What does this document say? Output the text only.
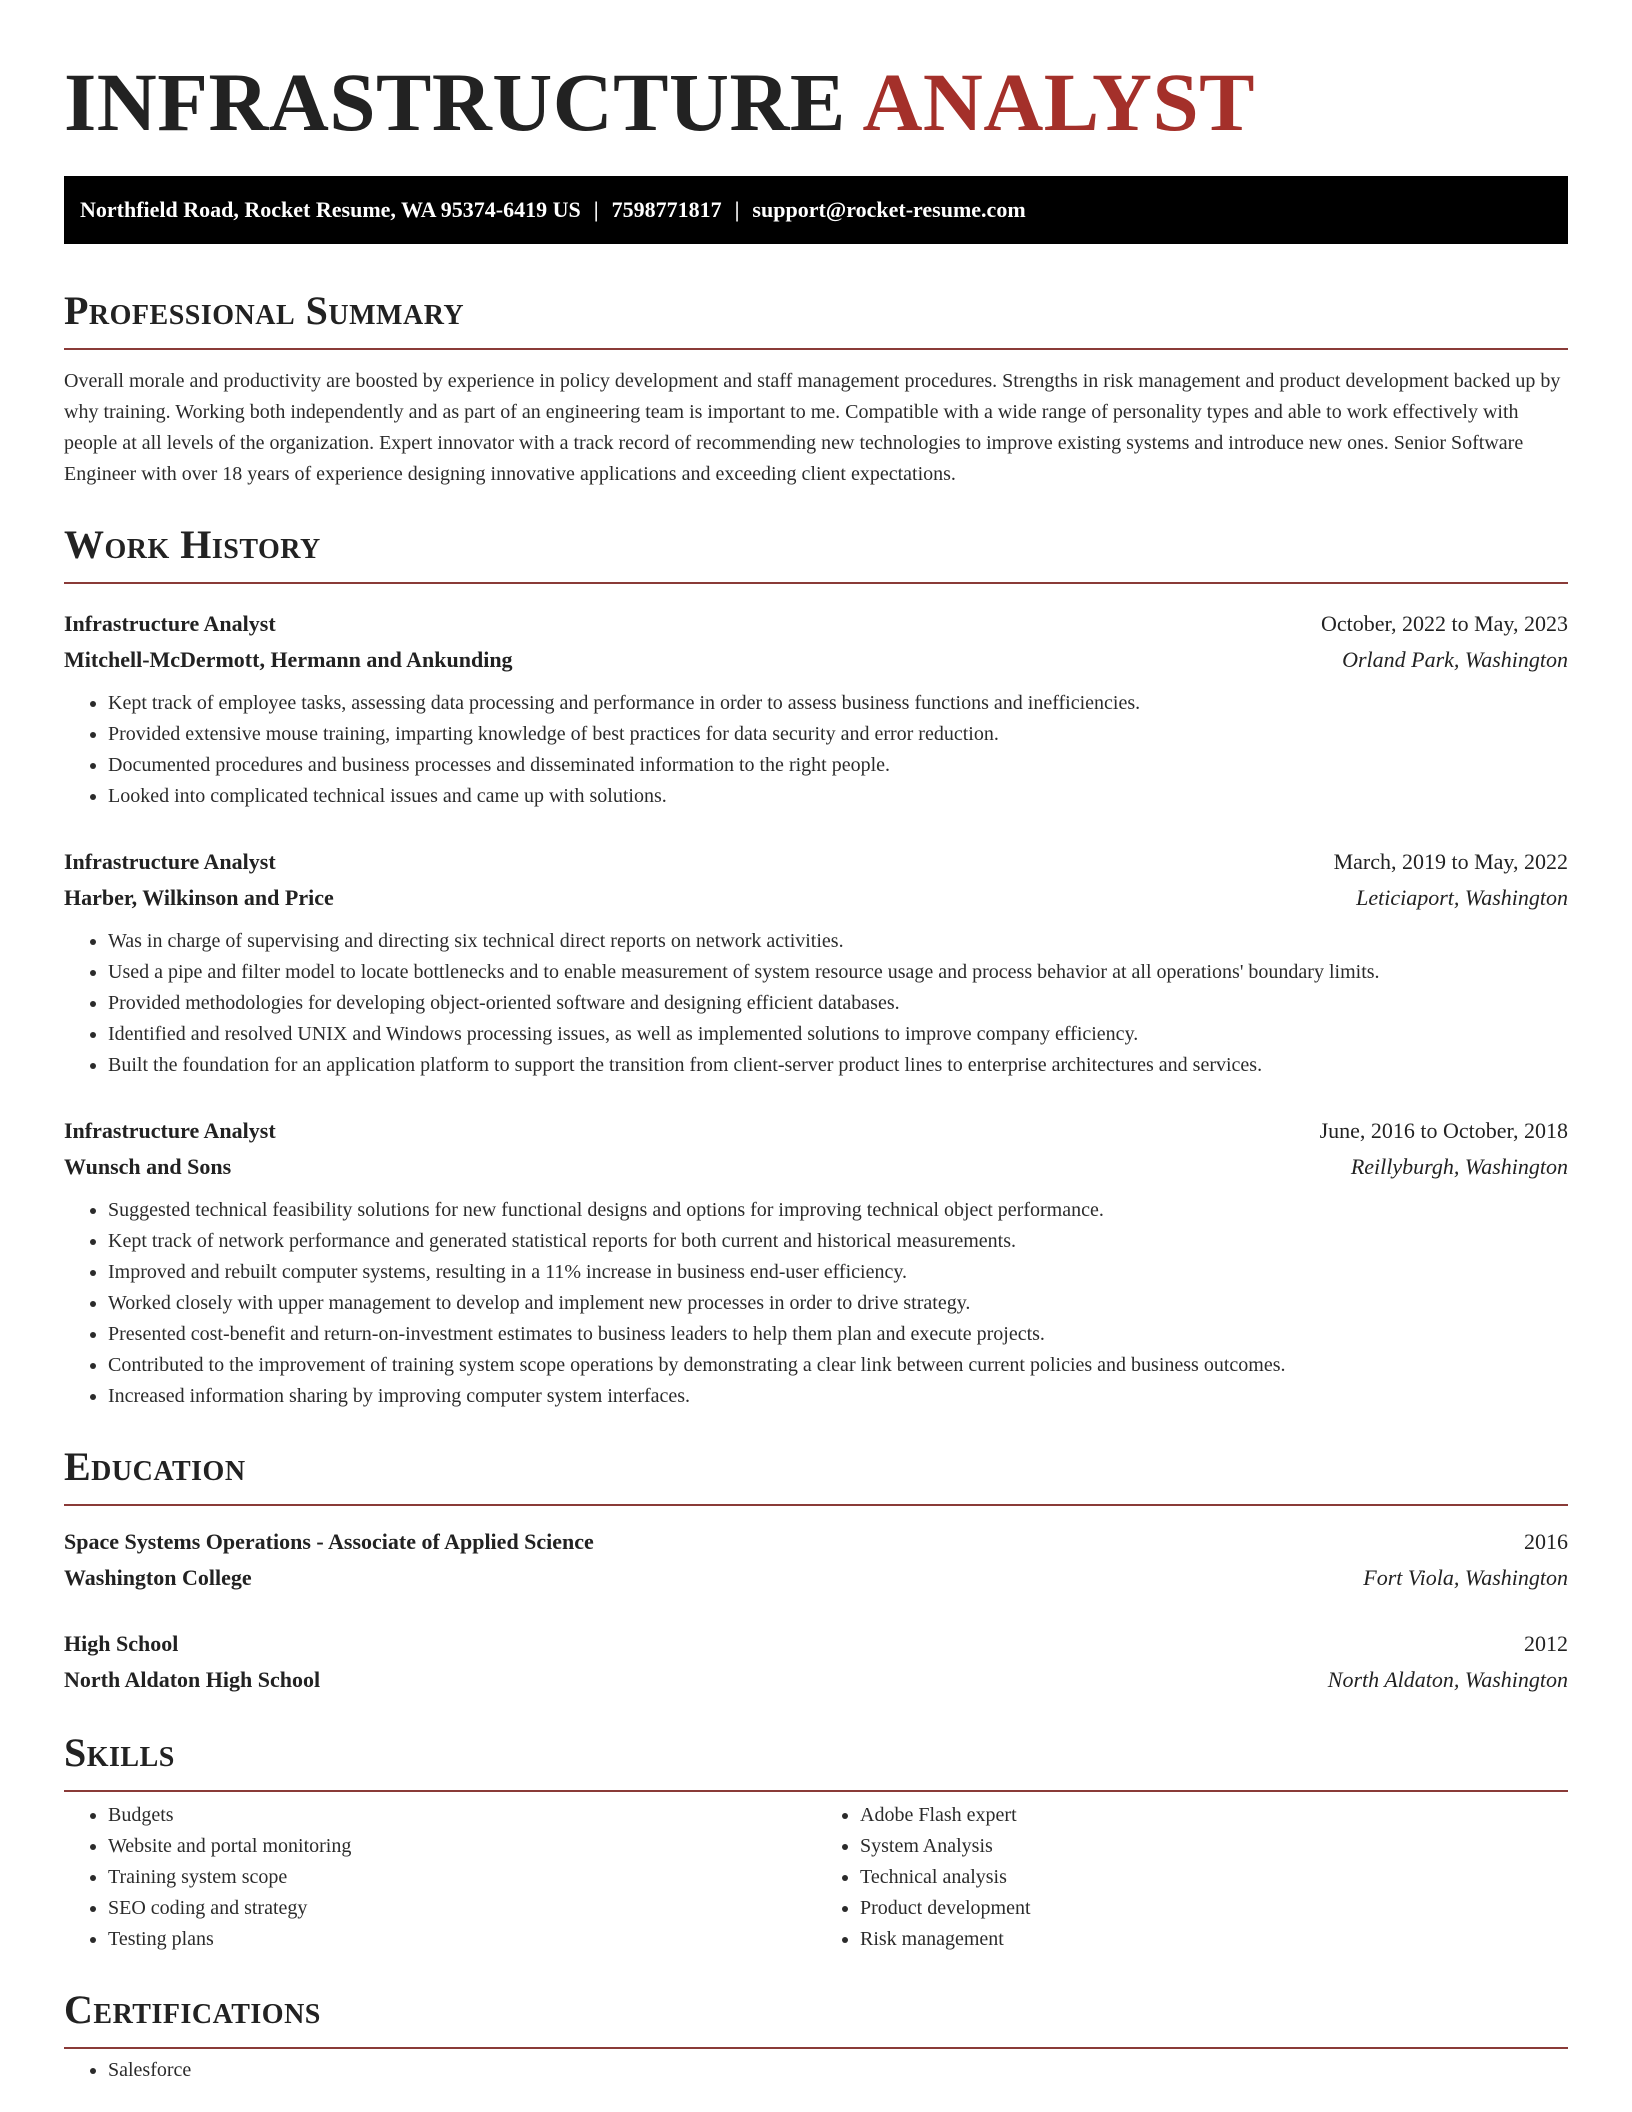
INFRASTRUCTURE ANALYST
Northfield Road, Rocket Resume, WA 95374-6419 US | 7598771817 | support@rocket-resume.com
Professional Summary

Overall morale and productivity are boosted by experience in policy development and staff management procedures. Strengths in risk management and product development backed up by why training. Working both independently and as part of an engineering team is important to me. Compatible with a wide range of personality types and able to work effectively with people at all levels of the organization. Expert innovator with a track record of recommending new technologies to improve existing systems and introduce new ones. Senior Software Engineer with over 18 years of experience designing innovative applications and exceeding client expectations.

Work History
Infrastructure Analyst	October, 2022 to May, 2023
Mitchell-McDermott, Hermann and Ankunding	Orland Park, Washington
• Kept track of employee tasks, assessing data processing and performance in order to assess business functions and inefficiencies.
• Provided extensive mouse training, imparting knowledge of best practices for data security and error reduction.
• Documented procedures and business processes and disseminated information to the right people.
• Looked into complicated technical issues and came up with solutions.
Infrastructure Analyst	March, 2019 to May, 2022
Harber, Wilkinson and Price	Leticiaport, Washington
• Was in charge of supervising and directing six technical direct reports on network activities.
• Used a pipe and filter model to locate bottlenecks and to enable measurement of system resource usage and process behavior at all operations' boundary limits.
• Provided methodologies for developing object-oriented software and designing efficient databases.
• Identified and resolved UNIX and Windows processing issues, as well as implemented solutions to improve company efficiency.
• Built the foundation for an application platform to support the transition from client-server product lines to enterprise architectures and services.
Infrastructure Analyst	June, 2016 to October, 2018
Wunsch and Sons	Reillyburgh, Washington
• Suggested technical feasibility solutions for new functional designs and options for improving technical object performance.
• Kept track of network performance and generated statistical reports for both current and historical measurements.
• Improved and rebuilt computer systems, resulting in a 11% increase in business end-user efficiency.
• Worked closely with upper management to develop and implement new processes in order to drive strategy.
• Presented cost-benefit and return-on-investment estimates to business leaders to help them plan and execute projects.
• Contributed to the improvement of training system scope operations by demonstrating a clear link between current policies and business outcomes.
• Increased information sharing by improving computer system interfaces.
Education
Space Systems Operations - Associate of Applied Science	2016
Washington College	Fort Viola, Washington
High School	2012
North Aldaton High School	North Aldaton, Washington
Skills
• Budgets
• Website and portal monitoring
• Training system scope
• SEO coding and strategy
• Testing plans
• Adobe Flash expert
• System Analysis
• Technical analysis
• Product development
• Risk management
Certifications
• Salesforce
